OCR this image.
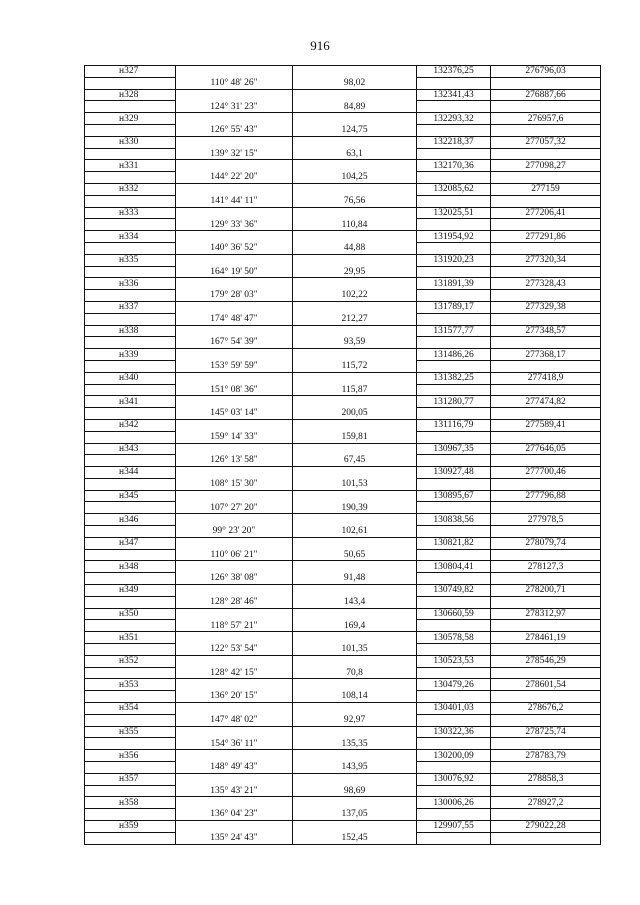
916
н327			132376,25	276796,03
	110° 48' 26"	98,02		
н328			132341,43	276887,66
	124° 31' 23"	84,89		
н329			132293,32	276957,6
	126° 55' 43"	124,75		
н330			132218,37	277057,32
	139° 32' 15"	63,1		
н331			132170,36	277098,27
	144° 22' 20"	104,25		
н332			132085,62	277159
	141° 44' 11"	76,56		
н333			132025,51	277206,41
	129° 33' 36"	110,84		
н334			131954,92	277291,86
	140° 36' 52"	44,88		
н335			131920,23	277320,34
	164° 19' 50"	29,95		
н336			131891,39	277328,43
	179° 28' 03"	102,22		
н337			131789,17	277329,38
	174° 48' 47"	212,27		
н338			131577,77	277348,57
	167° 54' 39"	93,59		
н339			131486,26	277368,17
	153° 59' 59"	115,72		
н340			131382,25	277418,9
	151° 08' 36"	115,87		
н341			131280,77	277474,82
	145° 03' 14"	200,05		
н342			131116,79	277589,41
	159° 14' 33"	159,81		
н343			130967,35	277646,05
	126° 13' 58"	67,45		
н344			130927,48	277700,46
	108° 15' 30"	101,53		
н345			130895,67	277796,88
	107° 27' 20"	190,39		
н346			130838,56	277978,5
	99° 23' 20"	102,61		
н347			130821,82	278079,74
	110° 06' 21"	50,65		
н348			130804,41	278127,3
	126° 38' 08"	91,48		
н349			130749,82	278200,71
	128° 28' 46"	143,4		
н350			130660,59	278312,97
	118° 57' 21"	169,4		
н351			130578,58	278461,19
	122° 53' 54"	101,35		
н352			130523,53	278546,29
	128° 42' 15"	70,8		
н353			130479,26	278601,54
	136° 20' 15"	108,14		
н354			130401,03	278676,2
	147° 48' 02"	92,97		
н355			130322,36	278725,74
	154° 36' 11"	135,35		
н356			130200,09	278783,79
	148° 49' 43"	143,95		
н357			130076,92	278858,3
	135° 43' 21"	98,69		
н358			130006,26	278927,2
	136° 04' 23"	137,05		
н359			129907,55	279022,28
	135° 24' 43"	152,45		
